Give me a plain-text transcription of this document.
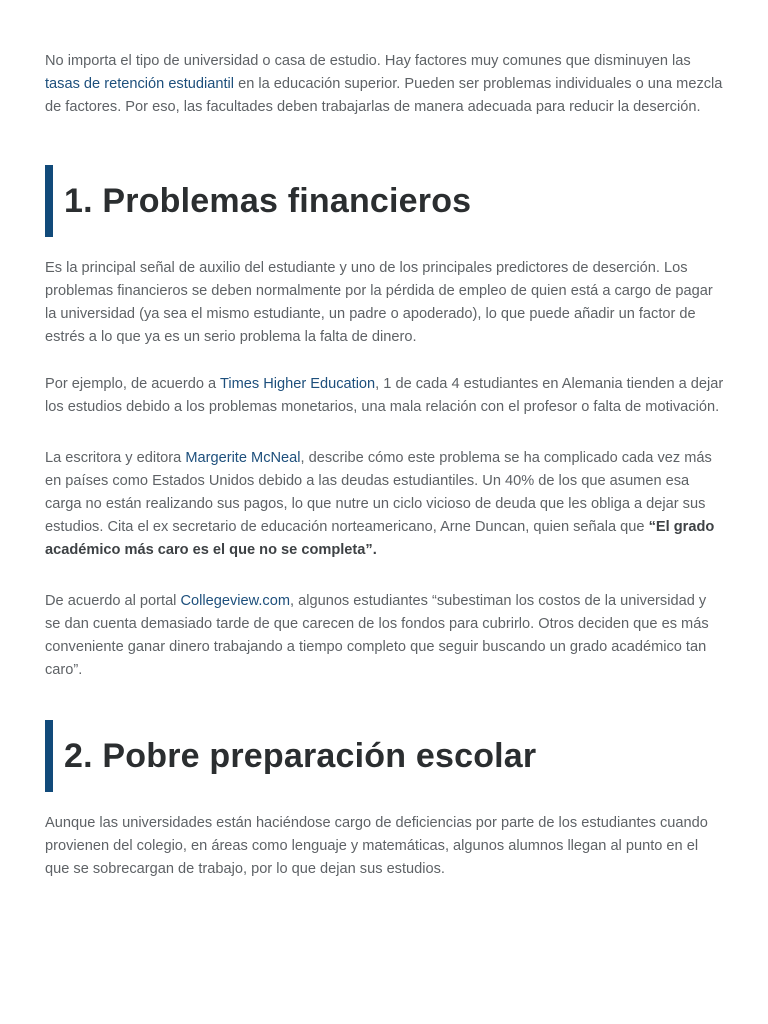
No importa el tipo de universidad o casa de estudio. Hay factores muy comunes que disminuyen las tasas de retención estudiantil en la educación superior. Pueden ser problemas individuales o una mezcla de factores. Por eso, las facultades deben trabajarlas de manera adecuada para reducir la deserción.

1. Problemas financieros

Es la principal señal de auxilio del estudiante y uno de los principales predictores de deserción. Los problemas financieros se deben normalmente por la pérdida de empleo de quien está a cargo de pagar la universidad (ya sea el mismo estudiante, un padre o apoderado), lo que puede añadir un factor de estrés a lo que ya es un serio problema la falta de dinero.

Por ejemplo, de acuerdo a Times Higher Education, 1 de cada 4 estudiantes en Alemania tienden a dejar los estudios debido a los problemas monetarios, una mala relación con el profesor o falta de motivación.

La escritora y editora Margerite McNeal, describe cómo este problema se ha complicado cada vez más en países como Estados Unidos debido a las deudas estudiantiles. Un 40% de los que asumen esa carga no están realizando sus pagos, lo que nutre un ciclo vicioso de deuda que les obliga a dejar sus estudios. Cita el ex secretario de educación norteamericano, Arne Duncan, quien señala que “El grado académico más caro es el que no se completa”.

De acuerdo al portal Collegeview.com, algunos estudiantes “subestiman los costos de la universidad y se dan cuenta demasiado tarde de que carecen de los fondos para cubrirlo. Otros deciden que es más conveniente ganar dinero trabajando a tiempo completo que seguir buscando un grado académico tan caro”.

2. Pobre preparación escolar

Aunque las universidades están haciéndose cargo de deficiencias por parte de los estudiantes cuando provienen del colegio, en áreas como lenguaje y matemáticas, algunos alumnos llegan al punto en el que se sobrecargan de trabajo, por lo que dejan sus estudios.
